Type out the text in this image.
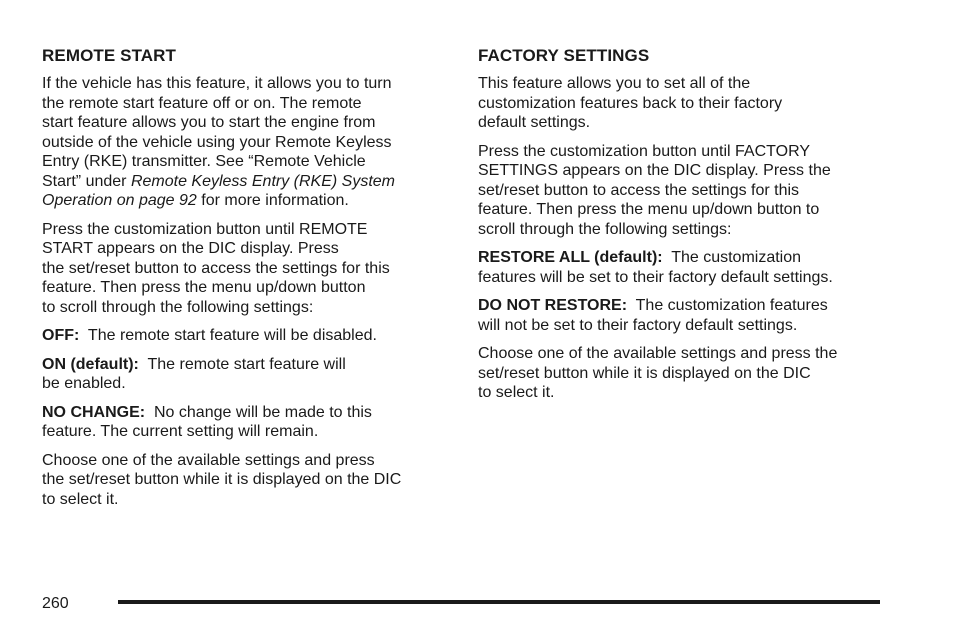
REMOTE START
If the vehicle has this feature, it allows you to turn
the remote start feature off or on. The remote
start feature allows you to start the engine from
outside of the vehicle using your Remote Keyless
Entry (RKE) transmitter. See “Remote Vehicle
Start” under Remote Keyless Entry (RKE) System
Operation on page 92 for more information.
Press the customization button until REMOTE
START appears on the DIC display. Press
the set/reset button to access the settings for this
feature. Then press the menu up/down button
to scroll through the following settings:
OFF:  The remote start feature will be disabled.
ON (default):  The remote start feature will
be enabled.
NO CHANGE:  No change will be made to this
feature. The current setting will remain.
Choose one of the available settings and press
the set/reset button while it is displayed on the DIC
to select it.
FACTORY SETTINGS
This feature allows you to set all of the
customization features back to their factory
default settings.
Press the customization button until FACTORY
SETTINGS appears on the DIC display. Press the
set/reset button to access the settings for this
feature. Then press the menu up/down button to
scroll through the following settings:
RESTORE ALL (default):  The customization
features will be set to their factory default settings.
DO NOT RESTORE:  The customization features
will not be set to their factory default settings.
Choose one of the available settings and press the
set/reset button while it is displayed on the DIC
to select it.
260
